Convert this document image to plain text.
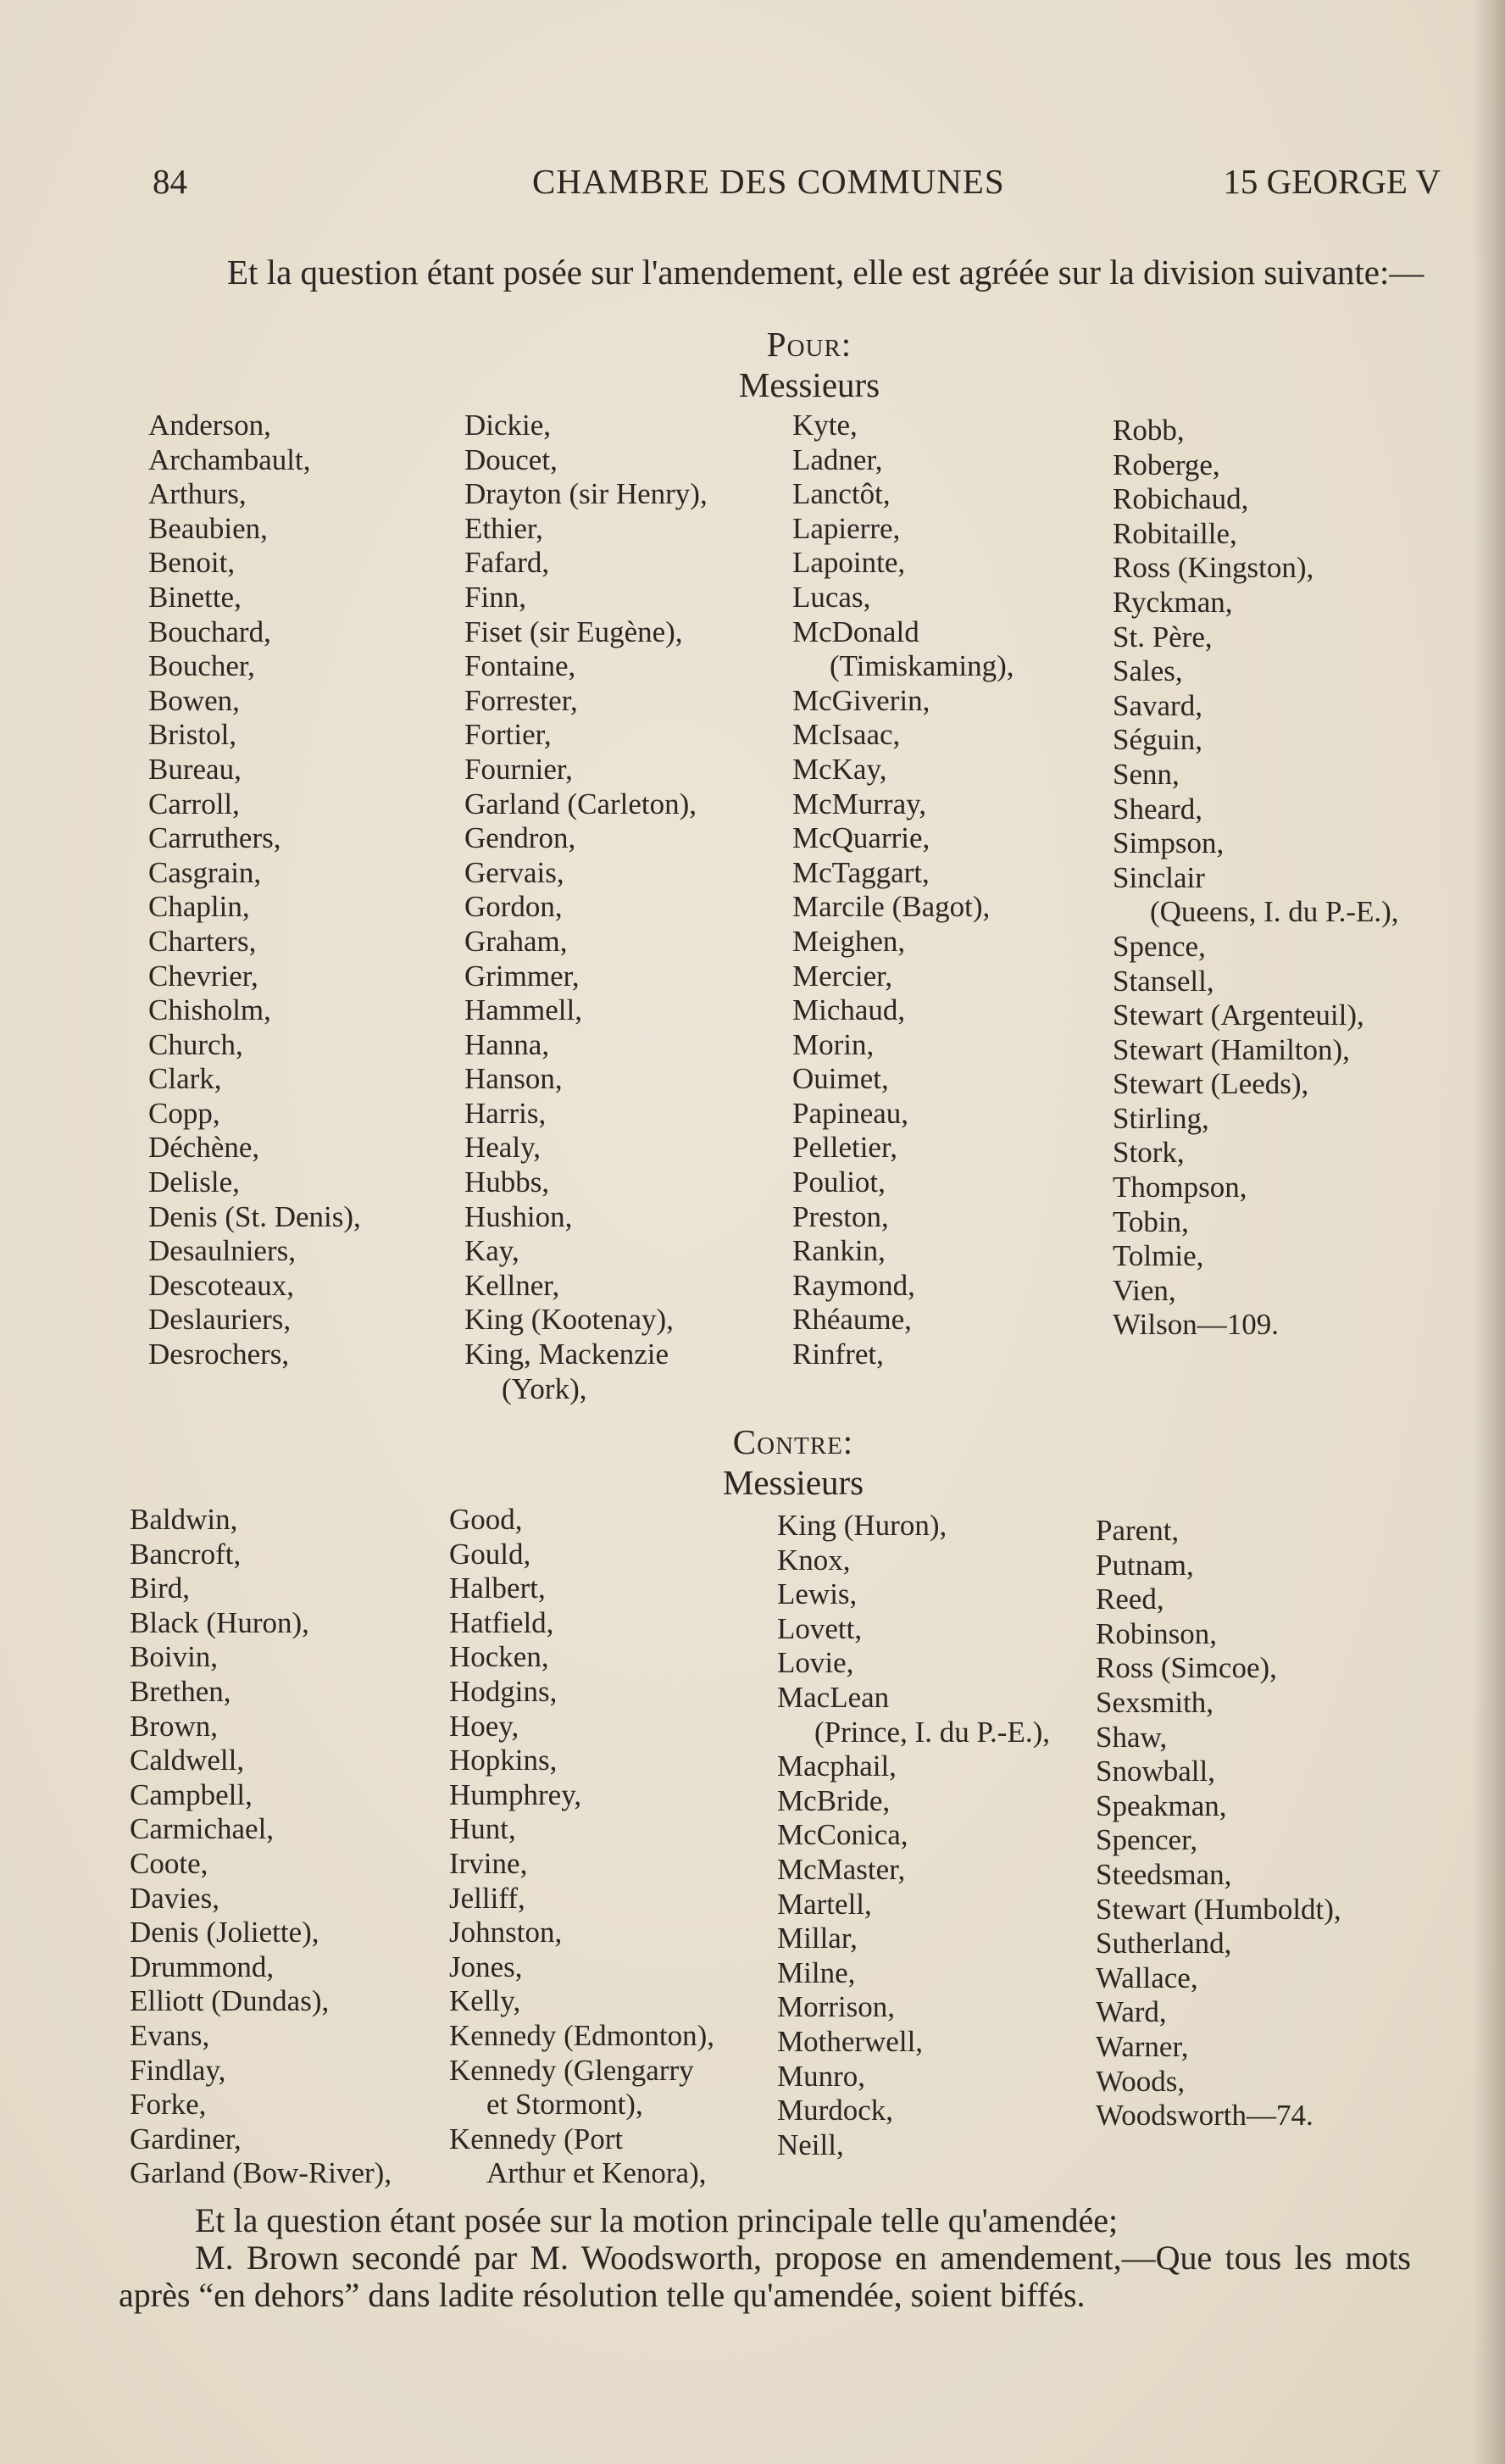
84	CHAMBRE DES COMMUNES	15 GEORGE V
Et la question étant posée sur l'amendement, elle est agréée sur la division suivante:—
Pour:
Messieurs
Anderson,
Archambault,
Arthurs,
Beaubien,
Benoit,
Binette,
Bouchard,
Boucher,
Bowen,
Bristol,
Bureau,
Carroll,
Carruthers,
Casgrain,
Chaplin,
Charters,
Chevrier,
Chisholm,
Church,
Clark,
Copp,
Déchène,
Delisle,
Denis (St. Denis),
Desaulniers,
Descoteaux,
Deslauriers,
Desrochers,
Dickie,
Doucet,
Drayton (sir Henry),
Ethier,
Fafard,
Finn,
Fiset (sir Eugène),
Fontaine,
Forrester,
Fortier,
Fournier,
Garland (Carleton),
Gendron,
Gervais,
Gordon,
Graham,
Grimmer,
Hammell,
Hanna,
Hanson,
Harris,
Healy,
Hubbs,
Hushion,
Kay,
Kellner,
King (Kootenay),
King, Mackenzie
(York),
Kyte,
Ladner,
Lanctôt,
Lapierre,
Lapointe,
Lucas,
McDonald
(Timiskaming),
McGiverin,
McIsaac,
McKay,
McMurray,
McQuarrie,
McTaggart,
Marcile (Bagot),
Meighen,
Mercier,
Michaud,
Morin,
Ouimet,
Papineau,
Pelletier,
Pouliot,
Preston,
Rankin,
Raymond,
Rhéaume,
Rinfret,
Robb,
Roberge,
Robichaud,
Robitaille,
Ross (Kingston),
Ryckman,
St. Père,
Sales,
Savard,
Séguin,
Senn,
Sheard,
Simpson,
Sinclair
(Queens, I. du P.-E.),
Spence,
Stansell,
Stewart (Argenteuil),
Stewart (Hamilton),
Stewart (Leeds),
Stirling,
Stork,
Thompson,
Tobin,
Tolmie,
Vien,
Wilson—109.
Contre:
Messieurs
Baldwin,
Bancroft,
Bird,
Black (Huron),
Boivin,
Brethen,
Brown,
Caldwell,
Campbell,
Carmichael,
Coote,
Davies,
Denis (Joliette),
Drummond,
Elliott (Dundas),
Evans,
Findlay,
Forke,
Gardiner,
Garland (Bow-River),
Good,
Gould,
Halbert,
Hatfield,
Hocken,
Hodgins,
Hoey,
Hopkins,
Humphrey,
Hunt,
Irvine,
Jelliff,
Johnston,
Jones,
Kelly,
Kennedy (Edmonton),
Kennedy (Glengarry
et Stormont),
Kennedy (Port
Arthur et Kenora),
King (Huron),
Knox,
Lewis,
Lovett,
Lovie,
MacLean
(Prince, I. du P.-E.),
Macphail,
McBride,
McConica,
McMaster,
Martell,
Millar,
Milne,
Morrison,
Motherwell,
Munro,
Murdock,
Neill,
Parent,
Putnam,
Reed,
Robinson,
Ross (Simcoe),
Sexsmith,
Shaw,
Snowball,
Speakman,
Spencer,
Steedsman,
Stewart (Humboldt),
Sutherland,
Wallace,
Ward,
Warner,
Woods,
Woodsworth—74.

Et la question étant posée sur la motion principale telle qu'amendée;

M. Brown secondé par M. Woodsworth, propose en amendement,—Que tous les mots après “en dehors” dans ladite résolution telle qu'amendée, soient biffés.
